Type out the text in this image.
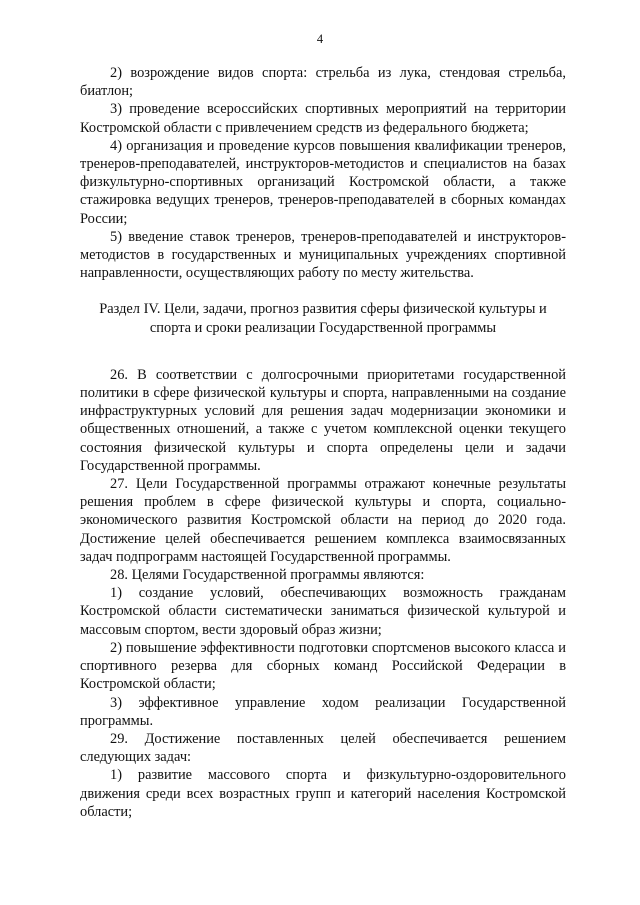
4

2) возрождение видов спорта: стрельба из лука, стендовая стрельба, биатлон;

3) проведение всероссийских спортивных мероприятий на территории Костромской области с привлечением средств из федерального бюджета;

4) организация и проведение курсов повышения квалификации тренеров, тренеров-преподавателей, инструкторов-методистов и специалистов на базах физкультурно-спортивных организаций Костромской области, а также стажировка ведущих тренеров, тренеров-преподавателей в сборных командах России;

5) введение ставок тренеров, тренеров-преподавателей и инструкторов-методистов в государственных и муниципальных учреждениях спортивной направленности, осуществляющих работу по месту жительства.

Раздел IV. Цели, задачи, прогноз развития сферы физической культуры и спорта и сроки реализации Государственной программы

26. В соответствии с долгосрочными приоритетами государственной политики в сфере физической культуры и спорта, направленными на создание инфраструктурных условий для решения задач модернизации экономики и общественных отношений, а также с учетом комплексной оценки текущего состояния физической культуры и спорта определены цели и задачи Государственной программы.

27. Цели Государственной программы отражают конечные результаты решения проблем в сфере физической культуры и спорта, социально-экономического развития Костромской области на период до 2020 года. Достижение целей обеспечивается решением комплекса взаимосвязанных задач подпрограмм настоящей Государственной программы.

28. Целями Государственной программы являются:

1) создание условий, обеспечивающих возможность гражданам Костромской области систематически заниматься физической культурой и массовым спортом, вести здоровый образ жизни;

2) повышение эффективности подготовки спортсменов высокого класса и спортивного резерва для сборных команд Российской Федерации в Костромской области;

3) эффективное управление ходом реализации Государственной программы.

29. Достижение поставленных целей обеспечивается решением следующих задач:

1) развитие массового спорта и физкультурно-оздоровительного движения среди всех возрастных групп и категорий населения Костромской области;
